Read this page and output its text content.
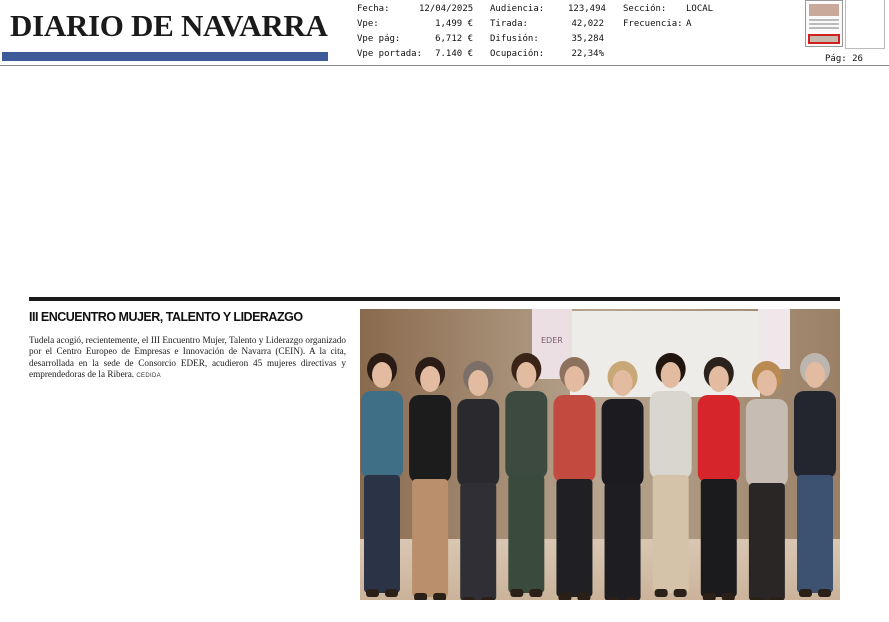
DIARIO DE NAVARRA	Fecha:	12/04/2025
Vpe:	1,499 €
Vpe pág:	6,712 €
Vpe portada:	7.140 €
Audiencia:	123,494
Tirada:	42,022
Difusión:	35,284
Ocupación:	22,34%
Sección:	LOCAL
Frecuencia: A
Pág: 26
III ENCUENTRO MUJER, TALENTO Y LIDERAZGO
Tudela acogió, recientemente, el III Encuentro Mujer, Talento y Liderazgo organizado por el Centro Europeo de Empresas e Innovación de Navarra (CEIN). A la cita, desarrollada en la sede de Consorcio EDER, acudieron 45 mujeres directivas y emprendedoras de la Ribera. CEDIDA
EDER
